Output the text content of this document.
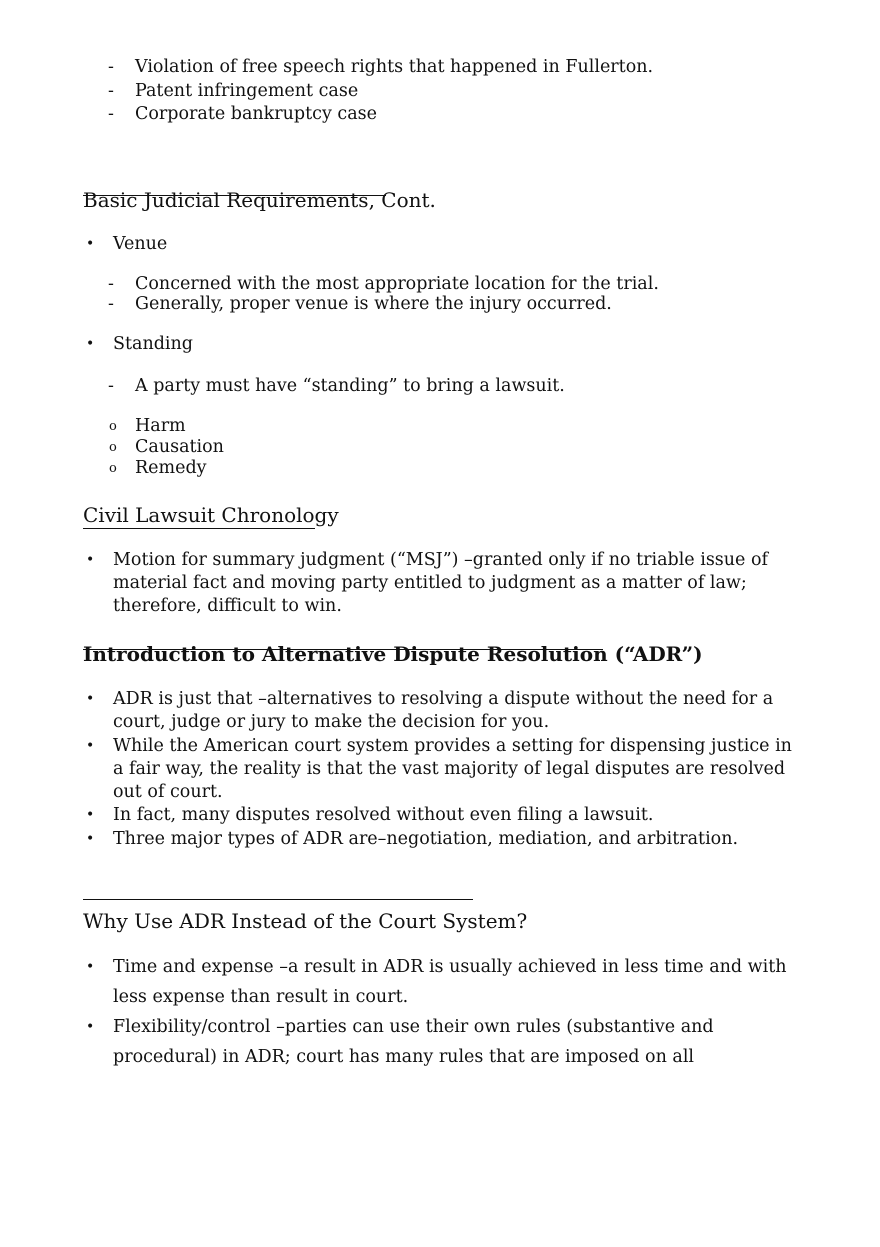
- Violation of free speech rights that happened in Fullerton.
- Patent infringement case
- Corporate bankruptcy case
Basic Judicial Requirements, Cont.
• Venue
- Concerned with the most appropriate location for the trial.
- Generally, proper venue is where the injury occurred.
• Standing
- A party must have “standing” to bring a lawsuit.
o Harm
o Causation
o Remedy
Civil Lawsuit Chronology
• Motion for summary judgment (“MSJ”) –granted only if no triable issue of
material fact and moving party entitled to judgment as a matter of law;
therefore, difficult to win.
Introduction to Alternative Dispute Resolution (“ADR”)
• ADR is just that –alternatives to resolving a dispute without the need for a
court, judge or jury to make the decision for you.
• While the American court system provides a setting for dispensing justice in
a fair way, the reality is that the vast majority of legal disputes are resolved
out of court.
• In fact, many disputes resolved without even filing a lawsuit.
• Three major types of ADR are–negotiation, mediation, and arbitration.
Why Use ADR Instead of the Court System?
• Time and expense –a result in ADR is usually achieved in less time and with
less expense than result in court.
• Flexibility/control –parties can use their own rules (substantive and
procedural) in ADR; court has many rules that are imposed on all
